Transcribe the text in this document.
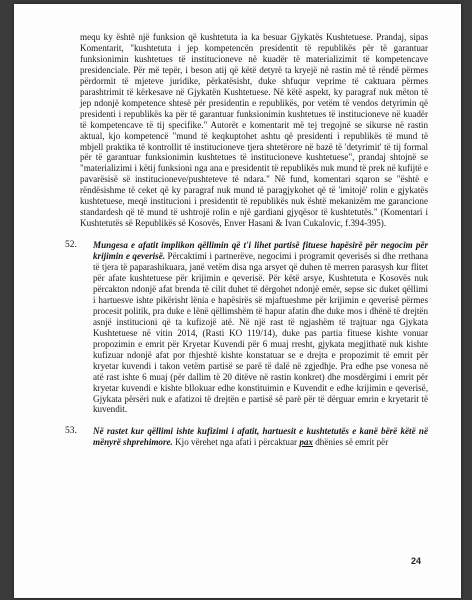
mequ ky është një funksion që kushtetuta ia ka besuar Gjykatës Kushtetuese. Prandaj, sipas Komentarit, "kushtetuta i jep kompetencën presidentit të republikës për të garantuar funksionimin kushtetues të institucioneve në kuadër të materializimit të kompetencave presidenciale. Për më tepër, i beson atij që këtë detyrë ta kryejë në rastin më të rëndë përmes përdormit të mjeteve juridike, përkatësisht, duke shfuqur veprime të caktuara përmes parashtrimit të kërkesave në Gjykatën Kushtetuese. Në këtë aspekt, ky paragraf nuk mëton të jep ndonjë kompetence shtesë për presidentin e republikës, por vetëm të vendos detyrimin që presidenti i republikës ka për të garantuar funksionimin kushtetues të institucioneve në kuadër të kompetencave të tij specifike." Autorët e komentarit më tej tregojnë se sikurse në rastin aktual, kjo kompetencë "mund të keqkuptohet ashtu që presidenti i republikës të mund të mbjell praktika të kontrollit të institucioneve tjera shtetërore në bazë të 'detyrimit' të tij formal për të garantuar funksionimin kushtetues të institucioneve kushtetuese", prandaj shtojnë se "materializimi i këtij funksioni nga ana e presidentit të republikës nuk mund të prek në kufijtë e pavarësisë së institucioneve/pushteteve të ndara." Në fund, komentari sqaron se "është e rëndësishme të ceket që ky paragraf nuk mund të paragjykohet që të 'imitojë' rolin e gjykatës kushtetuese, meqë institucioni i presidentit të republikës nuk është mekanizëm me garancione standardesh që të mund të ushtrojë rolin e një gardiani gjyqësor të kushtetutës." (Komentari i Kushtetutës së Republikës së Kosovës, Enver Hasani & Ivan Cukalovic, f.394-395).

52.	Mungesa e afatit implikon qëllimin që t'i lihet partisë fituese hapësirë për negocim për krijimin e qeverisë. Përcaktimi i partnerëve, negocimi i programit qeverisës si dhe rrethana të tjera të paparashikuara, janë vetëm disa nga arsyet që duhen të merren parasysh kur flitet për afate kushtetuese për krijimin e qeverisë. Për këtë arsye, Kushtetuta e Kosovës nuk përcakton ndonjë afat brenda të cilit duhet të dërgohet ndonjë emër, sepse sic duket qëllimi i hartuesve ishte pikërisht lënia e hapësirës së mjaftueshme për krijimin e qeverisë përmes procesit politik, pra duke e lënë qëllimshëm të hapur afatin dhe duke mos i dhënë të drejtën asnjë institucioni që ta kufizojë atë. Në një rast të ngjashëm të trajtuar nga Gjykata Kushtetuese në vitin 2014, (Rasti KO 119/14), duke pas partia fituese kishte vonuar propozimin e emrit për Kryetar Kuvendi për 6 muaj rresht, gjykata megjithatë nuk kishte kufizuar ndonjë afat por thjeshtë kishte konstatuar se e drejta e propozimit të emrit për kryetar kuvendi i takon vetëm partisë se parë të dalë në zgjedhje. Pra edhe pse vonesa në atë rast ishte 6 muaj (për dallim të 20 ditëve në rastin konkret) dhe mosdërgimi i emrit për kryetar kuvendi e kishte bllokuar edhe konstituimin e Kuvendit e edhe krijimin e qeverisë, Gjykata përsëri nuk e afatizoi të drejtën e partisë së parë për të dërguar emrin e kryetarit të kuvendit.

53.	Në rastet kur qëllimi ishte kufizimi i afatit, hartuesit e kushtetutës e kanë bërë këtë në mënyrë shprehimore. Kjo vërehet nga afati i përcaktuar pax dhënies së emrit për

24
